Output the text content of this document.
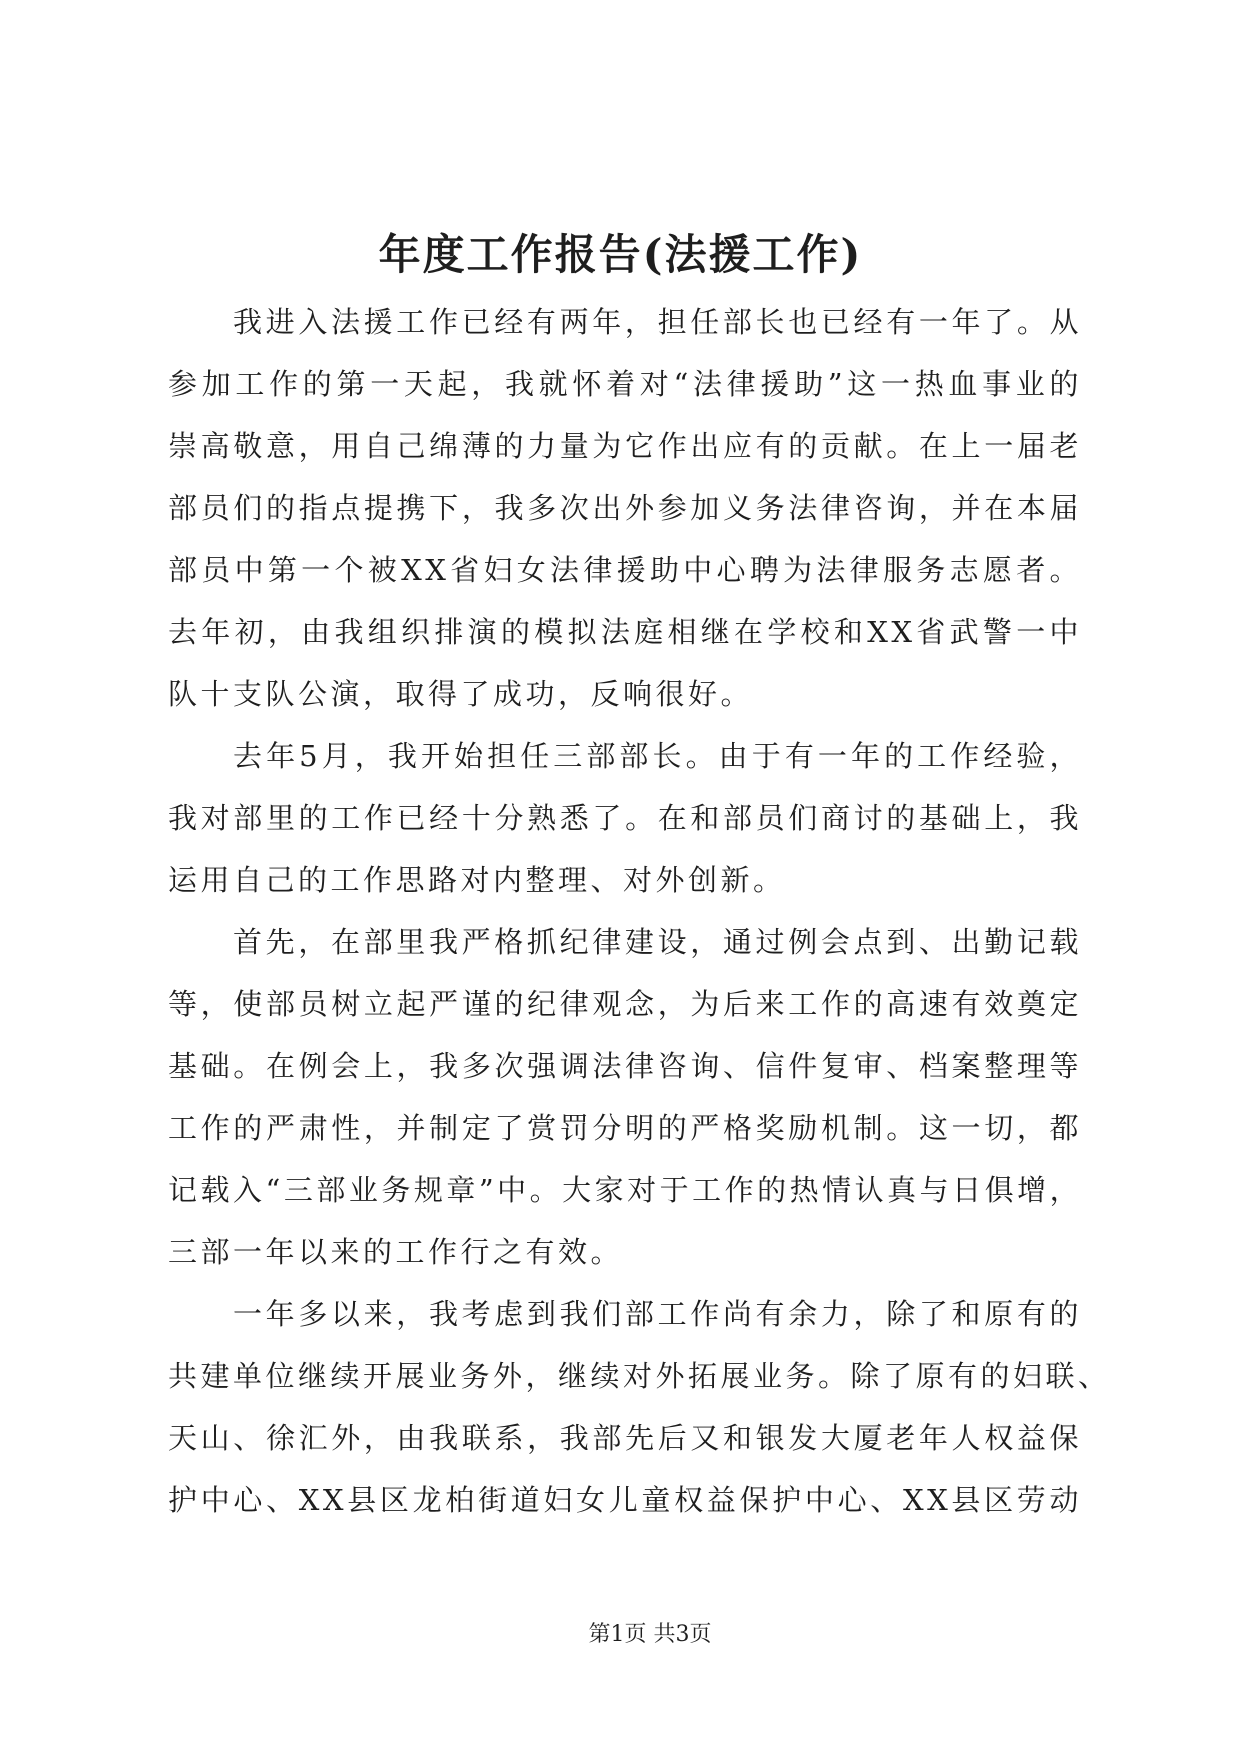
年度工作报告(法援工作)
我进入法援工作已经有两年，担任部长也已经有一年了。从
参加工作的第一天起，我就怀着对“法律援助”这一热血事业的
崇高敬意，用自己绵薄的力量为它作出应有的贡献。在上一届老
部员们的指点提携下，我多次出外参加义务法律咨询，并在本届
部员中第一个被XX省妇女法律援助中心聘为法律服务志愿者。
去年初，由我组织排演的模拟法庭相继在学校和XX省武警一中
队十支队公演，取得了成功，反响很好。
去年5月，我开始担任三部部长。由于有一年的工作经验，
我对部里的工作已经十分熟悉了。在和部员们商讨的基础上，我
运用自己的工作思路对内整理、对外创新。
首先，在部里我严格抓纪律建设，通过例会点到、出勤记载
等，使部员树立起严谨的纪律观念，为后来工作的高速有效奠定
基础。在例会上，我多次强调法律咨询、信件复审、档案整理等
工作的严肃性，并制定了赏罚分明的严格奖励机制。这一切，都
记载入“三部业务规章”中。大家对于工作的热情认真与日俱增，
三部一年以来的工作行之有效。
一年多以来，我考虑到我们部工作尚有余力，除了和原有的
共建单位继续开展业务外，继续对外拓展业务。除了原有的妇联、
天山、徐汇外，由我联系，我部先后又和银发大厦老年人权益保
护中心、XX县区龙柏街道妇女儿童权益保护中心、XX县区劳动
第1页 共3页
